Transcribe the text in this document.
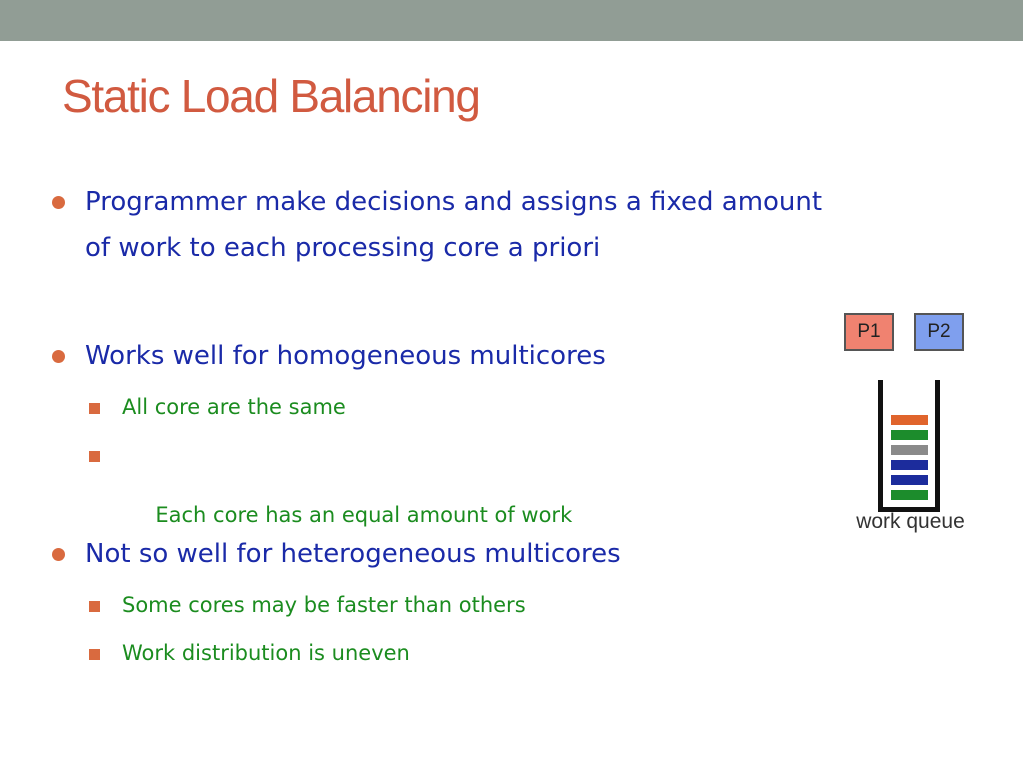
Static Load Balancing
Programmer make decisions and assigns a fixed amount of work to each processing core a priori
Works well for homogeneous multicores
All core are the same

Each core has an equal amount of work

Not so well for heterogeneous multicores
Some cores may be faster than others
Work distribution is uneven
P1	P2
work queue
